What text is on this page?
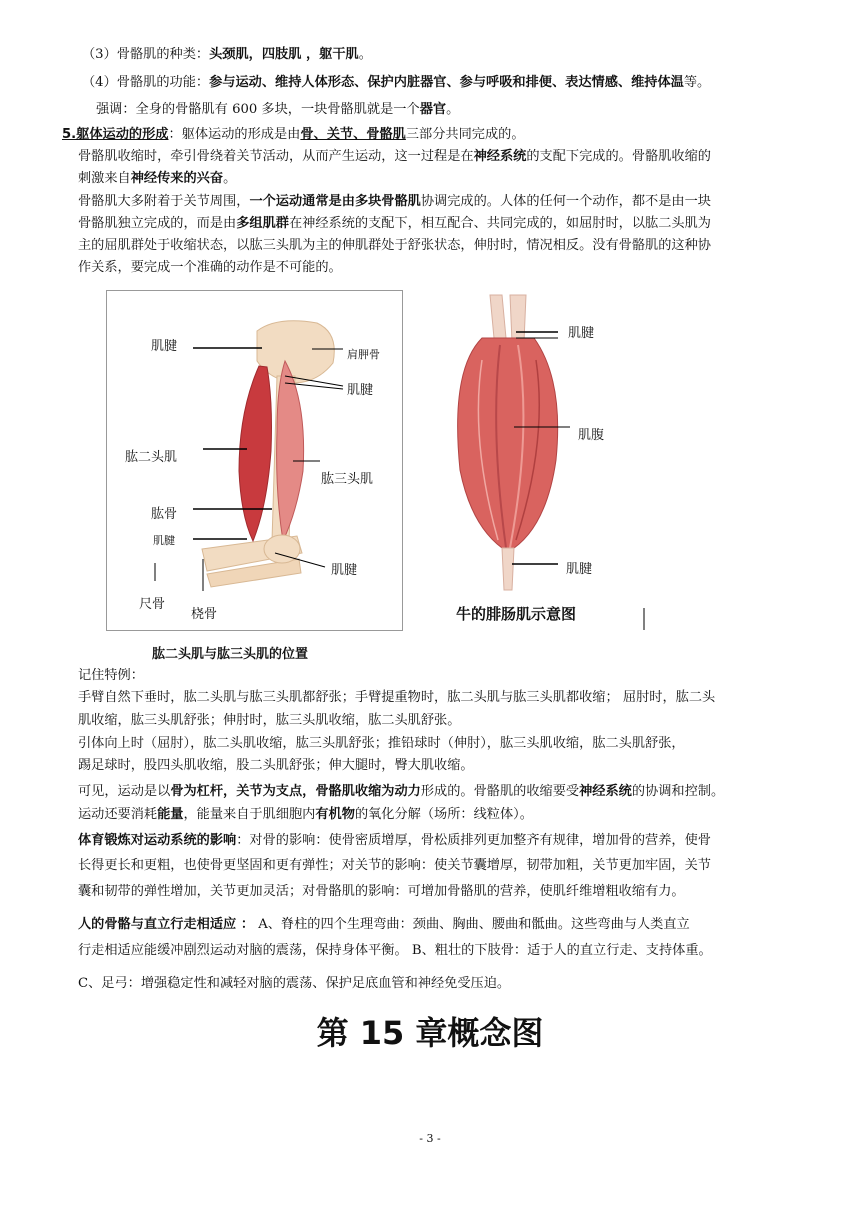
（3）骨骼肌的种类：头颈肌，四肢肌 ，躯干肌。
（4）骨骼肌的功能：参与运动、维持人体形态、保护内脏器官、参与呼吸和排便、表达情感、维持体温等。
强调：全身的骨骼肌有 600 多块，一块骨骼肌就是一个器官。
5.躯体运动的形成：躯体运动的形成是由骨、关节、骨骼肌三部分共同完成的。
骨骼肌收缩时，牵引骨绕着关节活动，从而产生运动，这一过程是在神经系统的支配下完成的。骨骼肌收缩的
刺激来自神经传来的兴奋。
骨骼肌大多附着于关节周围，一个运动通常是由多块骨骼肌协调完成的。人体的任何一个动作，都不是由一块
骨骼肌独立完成的，而是由多组肌群在神经系统的支配下，相互配合、共同完成的，如屈肘时，以肱二头肌为
主的屈肌群处于收缩状态，以肱三头肌为主的伸肌群处于舒张状态，伸肘时，情况相反。没有骨骼肌的这种协
作关系，要完成一个准确的动作是不可能的。
肌腱
肩胛骨
肌腱
肱二头肌
肱三头肌
肱骨
肌腱
肌腱
尺骨
桡骨
肱二头肌与肱三头肌的位置
肌腱
肌腹
肌腱
牛的腓肠肌示意图
记住特例：
手臂自然下垂时，肱二头肌与肱三头肌都舒张；手臂提重物时，肱二头肌与肱三头肌都收缩； 屈肘时，肱二头
肌收缩，肱三头肌舒张；伸肘时，肱三头肌收缩，肱二头肌舒张。
引体向上时（屈肘），肱二头肌收缩，肱三头肌舒张；推铅球时（伸肘），肱三头肌收缩，肱二头肌舒张，
踢足球时，股四头肌收缩，股二头肌舒张；伸大腿时，臀大肌收缩。
可见，运动是以骨为杠杆，关节为支点，骨骼肌收缩为动力形成的。骨骼肌的收缩要受神经系统的协调和控制。
运动还要消耗能量，能量来自于肌细胞内有机物的氧化分解（场所：线粒体）。
体育锻炼对运动系统的影响：对骨的影响：使骨密质增厚，骨松质排列更加整齐有规律，增加骨的营养，使骨
长得更长和更粗，也使骨更坚固和更有弹性；对关节的影响：使关节囊增厚，韧带加粗，关节更加牢固，关节
囊和韧带的弹性增加，关节更加灵活；对骨骼肌的影响：可增加骨骼肌的营养，使肌纤维增粗收缩有力。
人的骨骼与直立行走相适应 ： A、脊柱的四个生理弯曲：颈曲、胸曲、腰曲和骶曲。这些弯曲与人类直立
行走相适应能缓冲剧烈运动对脑的震荡，保持身体平衡。 B、粗壮的下肢骨：适于人的直立行走、支持体重。
C、足弓：增强稳定性和减轻对脑的震荡、保护足底血管和神经免受压迫。
第 15 章概念图
- 3 -
